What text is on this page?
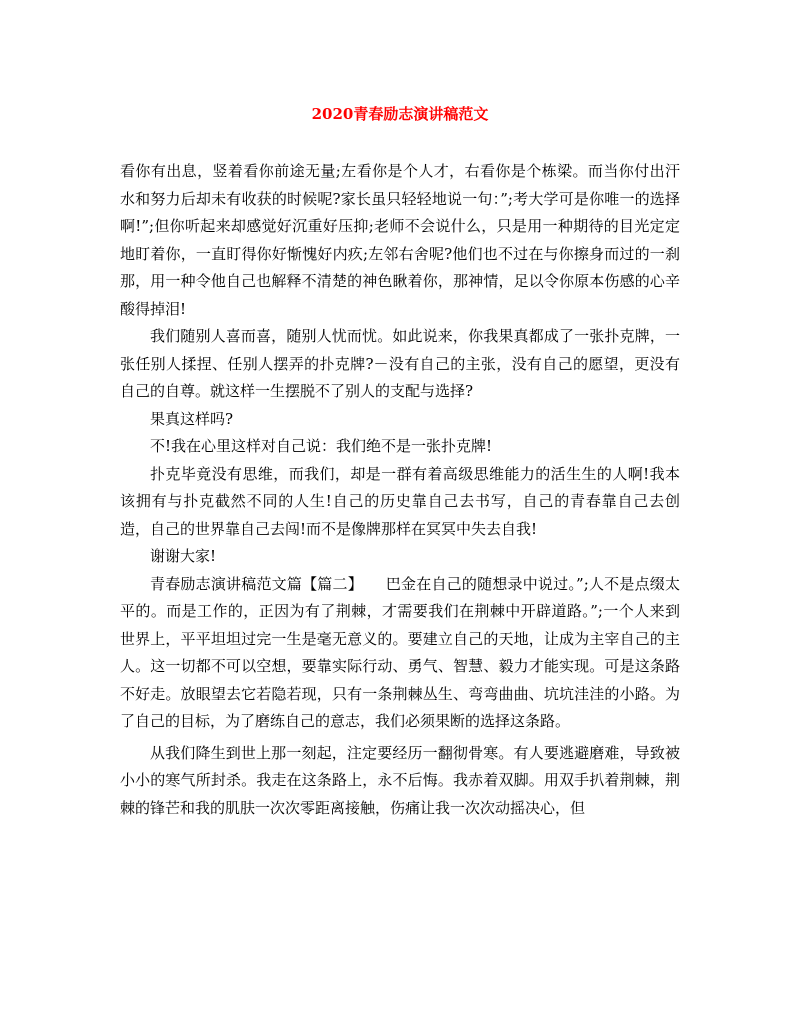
2020青春励志演讲稿范文

看你有出息，竖着看你前途无量;左看你是个人才，右看你是个栋梁。而当你付出汗水和努力后却未有收获的时候呢?家长虽只轻轻地说一句：”;考大学可是你唯一的选择啊!”;但你听起来却感觉好沉重好压抑;老师不会说什么，只是用一种期待的目光定定地盯着你，一直盯得你好惭愧好内疚;左邻右舍呢?他们也不过在与你擦身而过的一刹那，用一种令他自己也解释不清楚的神色瞅着你，那神情，足以令你原本伤感的心辛酸得掉泪!

我们随别人喜而喜，随别人忧而忧。如此说来，你我果真都成了一张扑克牌，一张任别人揉捏、任别人摆弄的扑克牌?－没有自己的主张，没有自己的愿望，更没有自己的自尊。就这样一生摆脱不了别人的支配与选择?

果真这样吗?

不!我在心里这样对自己说：我们绝不是一张扑克牌!

扑克毕竟没有思维，而我们，却是一群有着高级思维能力的活生生的人啊!我本该拥有与扑克截然不同的人生!自己的历史靠自己去书写，自己的青春靠自己去创造，自己的世界靠自己去闯!而不是像牌那样在冥冥中失去自我!

谢谢大家!

青春励志演讲稿范文篇【篇二】　　巴金在自己的随想录中说过。”;人不是点缀太平的。而是工作的，正因为有了荆棘，才需要我们在荆棘中开辟道路。”;一个人来到世界上，平平坦坦过完一生是毫无意义的。要建立自己的天地，让成为主宰自己的主人。这一切都不可以空想，要靠实际行动、勇气、智慧、毅力才能实现。可是这条路不好走。放眼望去它若隐若现，只有一条荆棘丛生、弯弯曲曲、坑坑洼洼的小路。为了自己的目标，为了磨练自己的意志，我们必须果断的选择这条路。

从我们降生到世上那一刻起，注定要经历一翻彻骨寒。有人要逃避磨难，导致被小小的寒气所封杀。我走在这条路上，永不后悔。我赤着双脚。用双手扒着荆棘，荆棘的锋芒和我的肌肤一次次零距离接触，伤痛让我一次次动摇决心，但
